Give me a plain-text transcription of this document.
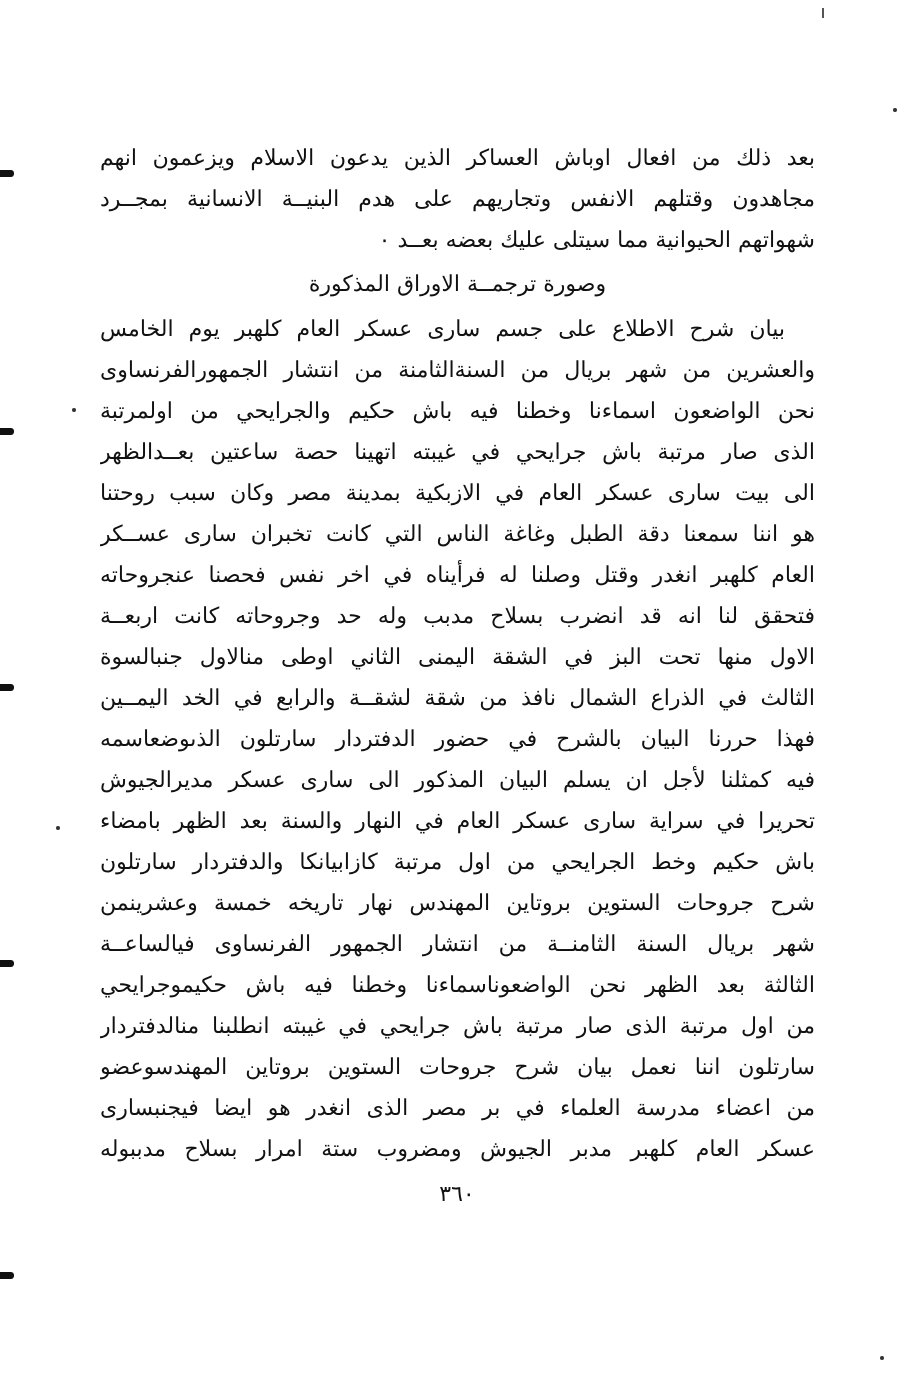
بعد ذلك من افعال اوباش العساكر الذين يدعون الاسلام ويزعمون انهم
مجاهدون وقتلهم الانفس وتجاريهم على هدم البنيــة الانسانية بمجــرد
شهواتهم الحيوانية مما سيتلى عليك بعضه بعــد ٠
وصورة ترجمــة الاوراق المذكورة
بيان شرح الاطلاع على جسم سارى عسكر العام كلهبر يوم الخامس
والعشرين من شهر بريال من السنةالثامنة من انتشار الجمهورالفرنساوى
نحن الواضعون اسماءنا وخطنا فيه باش حكيم والجرايحي من اولمرتبة
الذى صار مرتبة باش جرايحي في غيبته اتهينا حصة ساعتين بعــدالظهر
الى بيت سارى عسكر العام في الازبكية بمدينة مصر وكان سبب روحتنا
هو اننا سمعنا دقة الطبل وغاغة الناس التي كانت تخبران سارى عســكر
العام كلهبر انغدر وقتل وصلنا له فرأيناه في اخر نفس فحصنا عنجروحاته
فتحقق لنا انه قد انضرب بسلاح مدبب وله حد وجروحاته كانت اربعــة
الاول منها تحت البز في الشقة اليمنى الثاني اوطى منالاول جنبالسوة
الثالث في الذراع الشمال نافذ من شقة لشقــة والرابع في الخد اليمــين
فهذا حررنا البيان بالشرح في حضور الدفتردار سارتلون الذىوضعاسمه
فيه كمثلنا لأجل ان يسلم البيان المذكور الى سارى عسكر مديرالجيوش
تحريرا في سراية سارى عسكر العام في النهار والسنة بعد الظهر بامضاء
باش حكيم وخط الجرايحي من اول مرتبة كازابيانكا والدفتردار سارتلون
شرح جروحات الستوين بروتاين المهندس نهار تاريخه خمسة وعشرينمن
شهر بريال السنة الثامنــة من انتشار الجمهور الفرنساوى فيالساعــة
الثالثة بعد الظهر نحن الواضعوناسماءنا وخطنا فيه باش حكيموجرايحي
من اول مرتبة الذى صار مرتبة باش جرايحي في غيبته انطلبنا منالدفتردار
سارتلون اننا نعمل بيان شرح جروحات الستوين بروتاين المهندسوعضو
من اعضاء مدرسة العلماء في بر مصر الذى انغدر هو ايضا فيجنبسارى
عسكر العام كلهبر مدبر الجيوش ومضروب ستة امرار بسلاح مدببوله
٣٦٠
